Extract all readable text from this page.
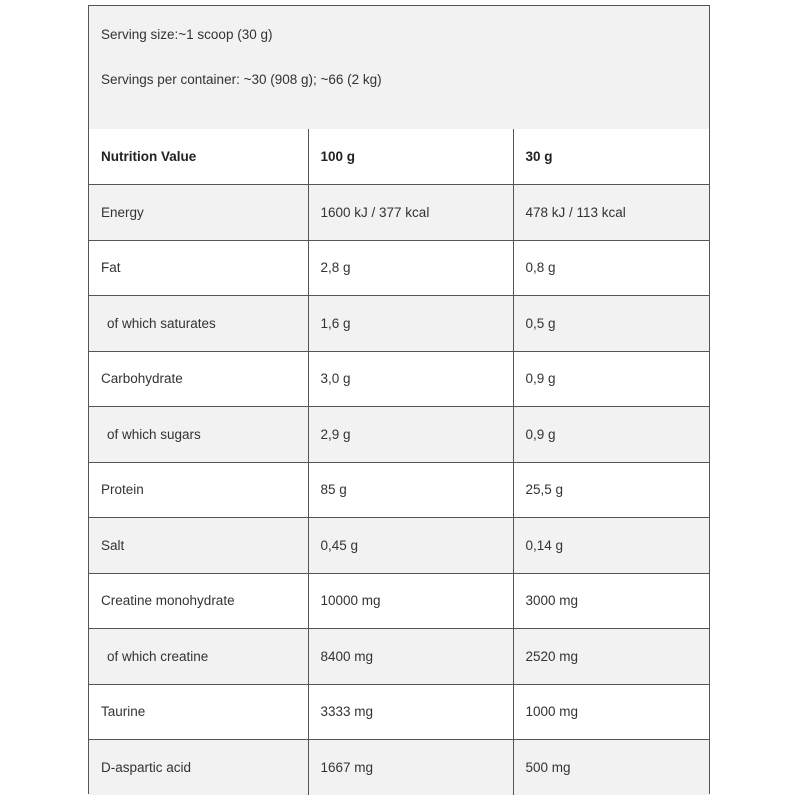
Serving size:~1 scoop (30 g)
Servings per container: ~30 (908 g); ~66 (2 kg)
Nutrition Value	100 g	30 g
Energy	1600 kJ / 377 kcal	478 kJ / 113 kcal
Fat	2,8 g	0,8 g
of which saturates	1,6 g	0,5 g
Carbohydrate	3,0 g	0,9 g
of which sugars	2,9 g	0,9 g
Protein	85 g	25,5 g
Salt	0,45 g	0,14 g
Creatine monohydrate	10000 mg	3000 mg
of which creatine	8400 mg	2520 mg
Taurine	3333 mg	1000 mg
D-aspartic acid	1667 mg	500 mg
